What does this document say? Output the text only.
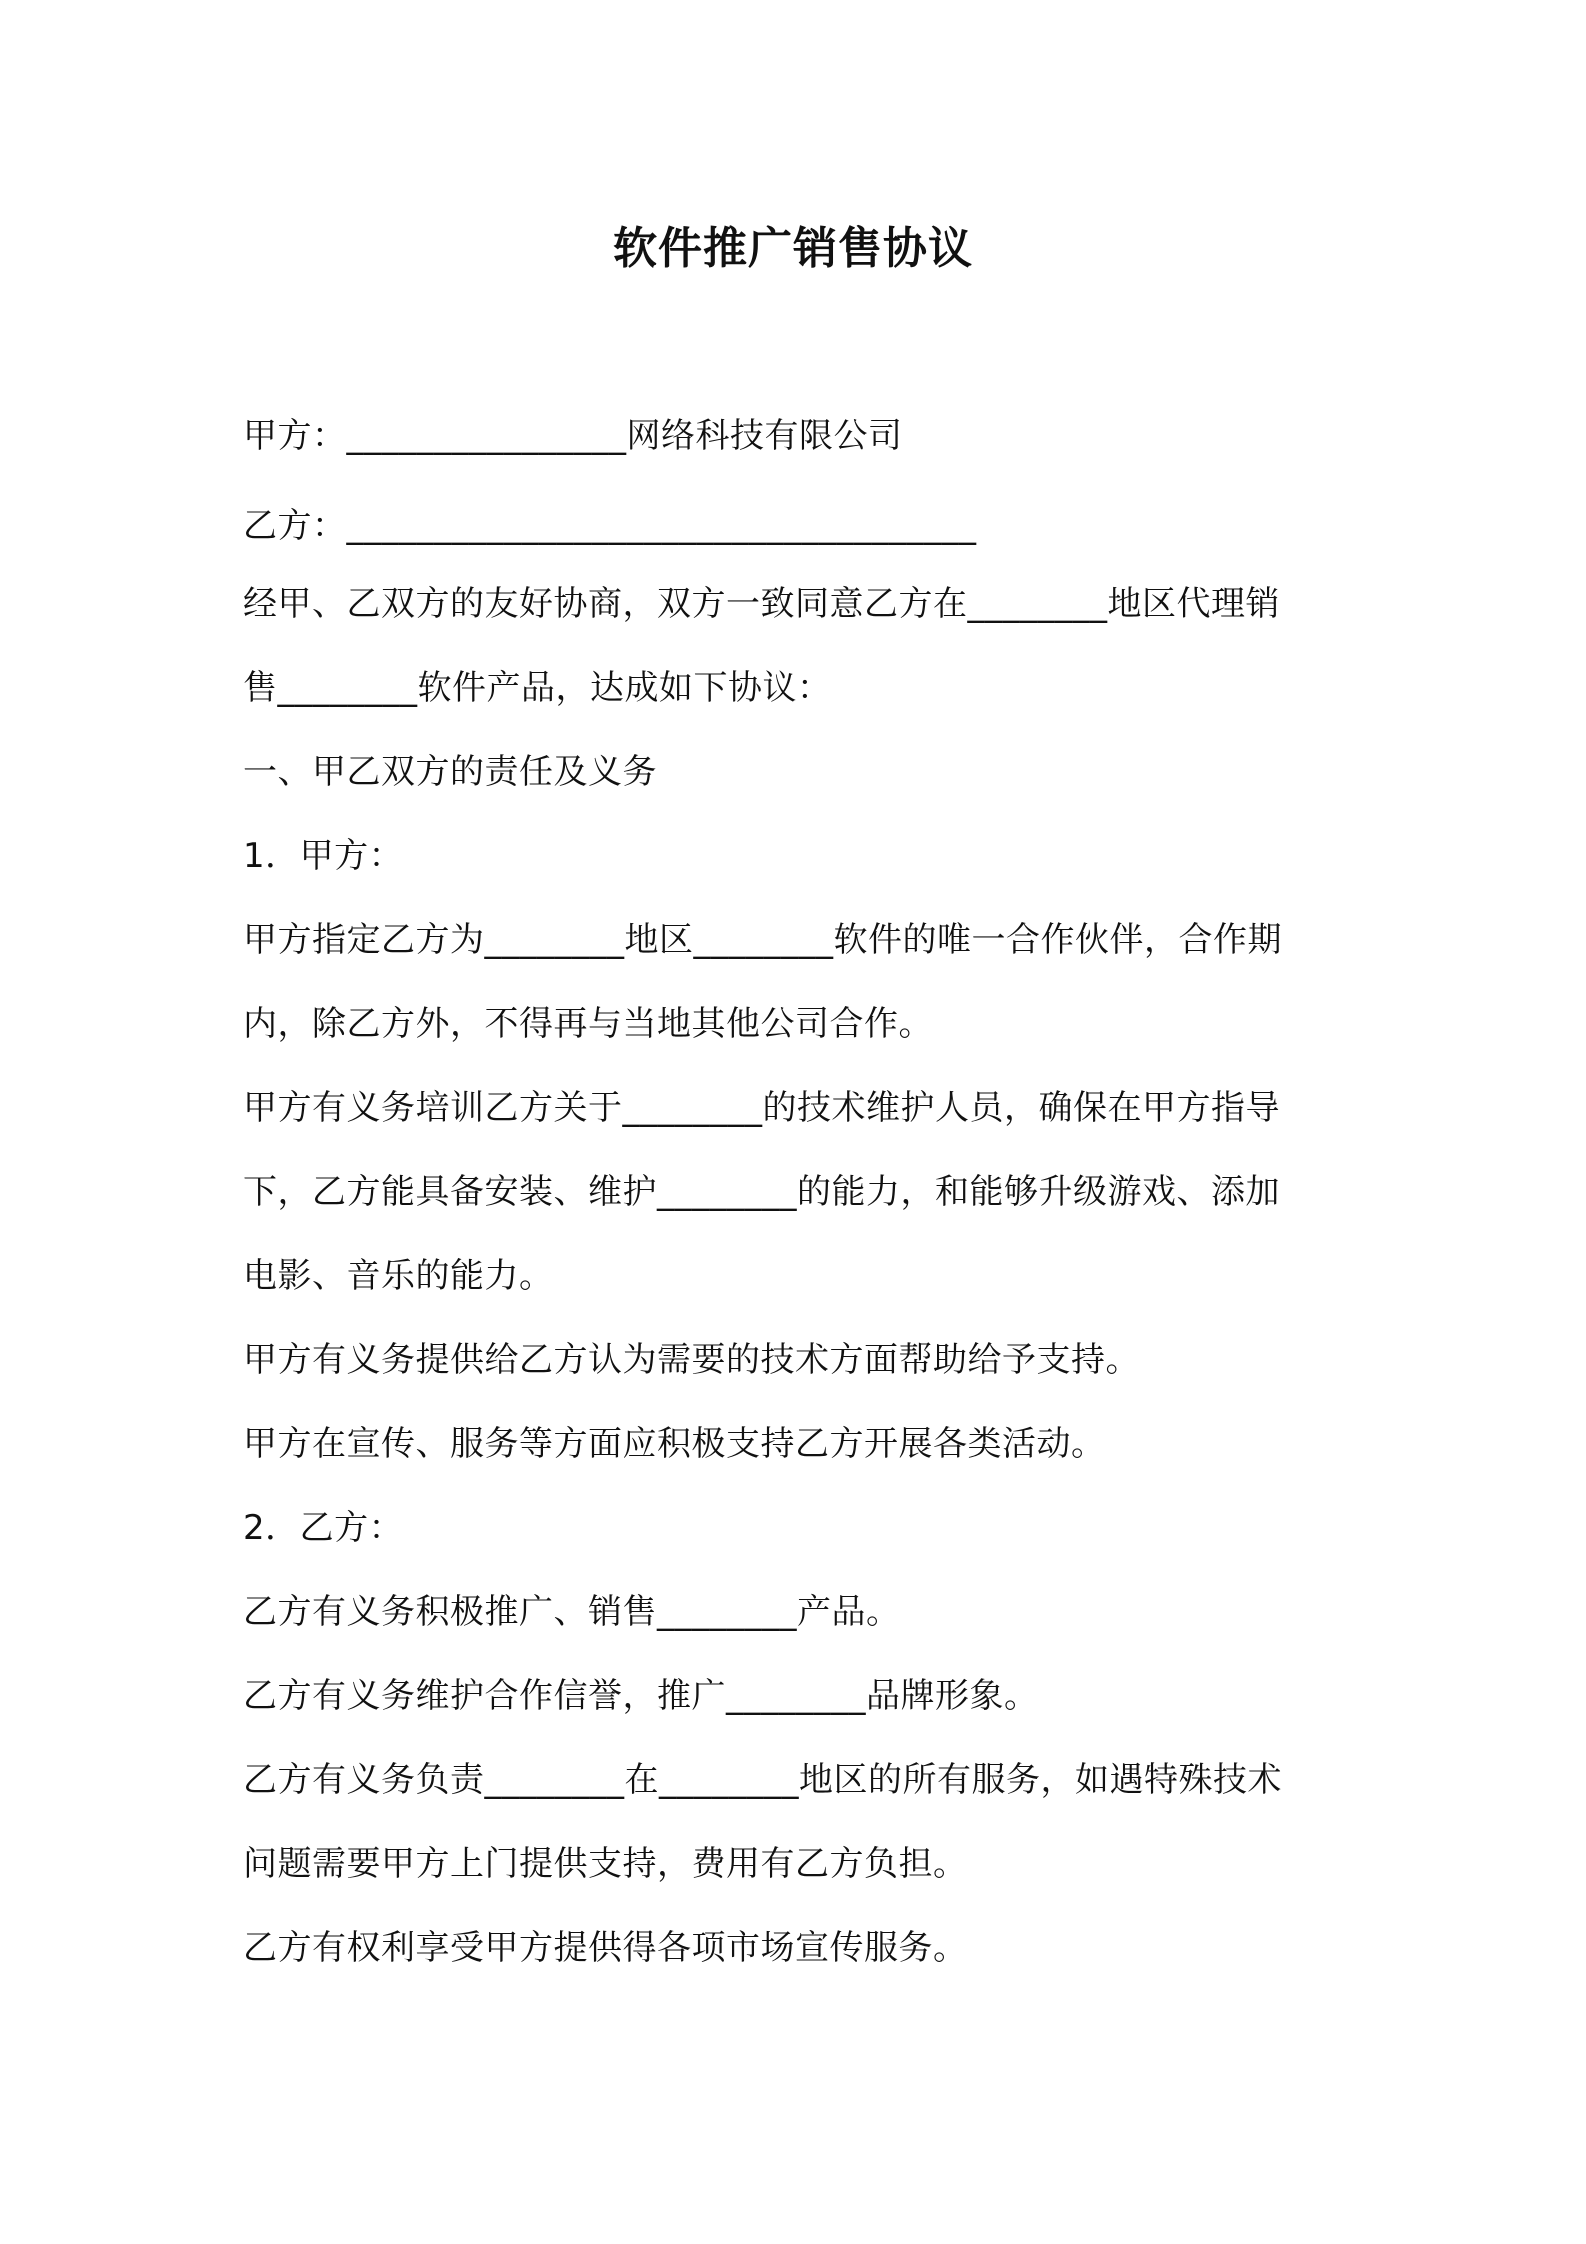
软件推广销售协议
甲方：________________网络科技有限公司
乙方：____________________________________
经甲、乙双方的友好协商，双方一致同意乙方在________地区代理销
售________软件产品，达成如下协议：
一、甲乙双方的责任及义务
1．甲方：
甲方指定乙方为________地区________软件的唯一合作伙伴，合作期
内，除乙方外，不得再与当地其他公司合作。
甲方有义务培训乙方关于________的技术维护人员，确保在甲方指导
下，乙方能具备安装、维护________的能力，和能够升级游戏、添加
电影、音乐的能力。
甲方有义务提供给乙方认为需要的技术方面帮助给予支持。
甲方在宣传、服务等方面应积极支持乙方开展各类活动。
2．乙方：
乙方有义务积极推广、销售________产品。
乙方有义务维护合作信誉，推广________品牌形象。
乙方有义务负责________在________地区的所有服务，如遇特殊技术
问题需要甲方上门提供支持，费用有乙方负担。
乙方有权利享受甲方提供得各项市场宣传服务。
